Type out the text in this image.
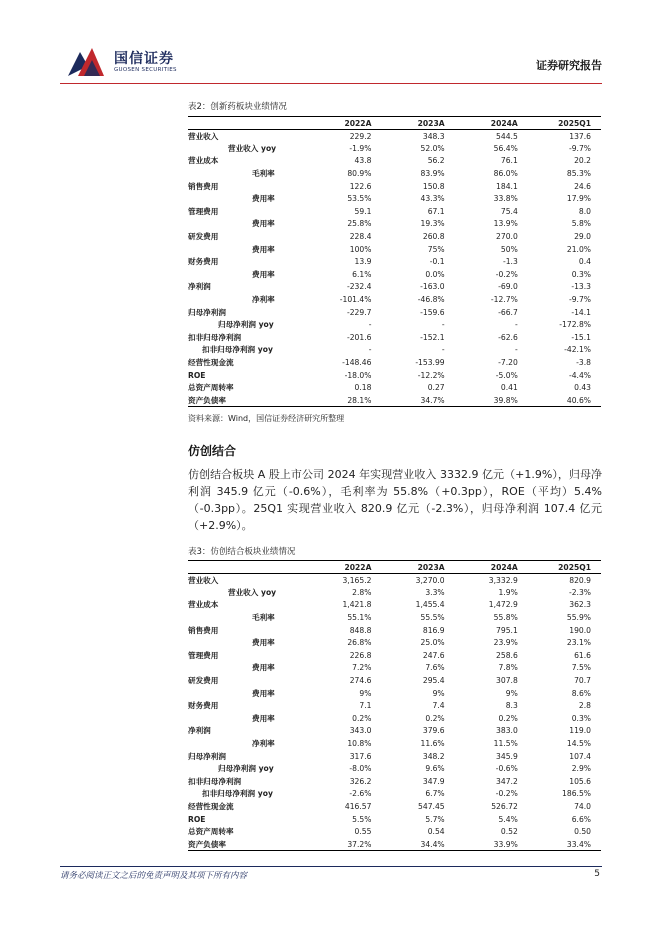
国信证券
GUOSEN SECURITIES	证券研究报告
表2：创新药板块业绩情况
	2022A	2023A	2024A	2025Q1
营业收入	229.2	348.3	544.5	137.6
营业收入 yoy	-1.9%	52.0%	56.4%	-9.7%
营业成本	43.8	56.2	76.1	20.2
毛利率	80.9%	83.9%	86.0%	85.3%
销售费用	122.6	150.8	184.1	24.6
费用率	53.5%	43.3%	33.8%	17.9%
管理费用	59.1	67.1	75.4	8.0
费用率	25.8%	19.3%	13.9%	5.8%
研发费用	228.4	260.8	270.0	29.0
费用率	100%	75%	50%	21.0%
财务费用	13.9	-0.1	-1.3	0.4
费用率	6.1%	0.0%	-0.2%	0.3%
净利润	-232.4	-163.0	-69.0	-13.3
净利率	-101.4%	-46.8%	-12.7%	-9.7%
归母净利润	-229.7	-159.6	-66.7	-14.1
归母净利润 yoy	-	-	-	-172.8%
扣非归母净利润	-201.6	-152.1	-62.6	-15.1
扣非归母净利润 yoy	-	-	-	-42.1%
经营性现金流	-148.46	-153.99	-7.20	-3.8
ROE	-18.0%	-12.2%	-5.0%	-4.4%
总资产周转率	0.18	0.27	0.41	0.43
资产负债率	28.1%	34.7%	39.8%	40.6%
资料来源：Wind，国信证券经济研究所整理
仿创结合
仿创结合板块 A 股上市公司 2024 年实现营业收入 3332.9 亿元（+1.9%），归母净利润 345.9 亿元（-0.6%），毛利率为 55.8%（+0.3pp），ROE（平均）5.4%（-0.3pp）。25Q1 实现营业收入 820.9 亿元（-2.3%），归母净利润 107.4 亿元（+2.9%）。
表3：仿创结合板块业绩情况
	2022A	2023A	2024A	2025Q1
营业收入	3,165.2	3,270.0	3,332.9	820.9
营业收入 yoy	2.8%	3.3%	1.9%	-2.3%
营业成本	1,421.8	1,455.4	1,472.9	362.3
毛利率	55.1%	55.5%	55.8%	55.9%
销售费用	848.8	816.9	795.1	190.0
费用率	26.8%	25.0%	23.9%	23.1%
管理费用	226.8	247.6	258.6	61.6
费用率	7.2%	7.6%	7.8%	7.5%
研发费用	274.6	295.4	307.8	70.7
费用率	9%	9%	9%	8.6%
财务费用	7.1	7.4	8.3	2.8
费用率	0.2%	0.2%	0.2%	0.3%
净利润	343.0	379.6	383.0	119.0
净利率	10.8%	11.6%	11.5%	14.5%
归母净利润	317.6	348.2	345.9	107.4
归母净利润 yoy	-8.0%	9.6%	-0.6%	2.9%
扣非归母净利润	326.2	347.9	347.2	105.6
扣非归母净利润 yoy	-2.6%	6.7%	-0.2%	186.5%
经营性现金流	416.57	547.45	526.72	74.0
ROE	5.5%	5.7%	5.4%	6.6%
总资产周转率	0.55	0.54	0.52	0.50
资产负债率	37.2%	34.4%	33.9%	33.4%
请务必阅读正文之后的免责声明及其项下所有内容	5
